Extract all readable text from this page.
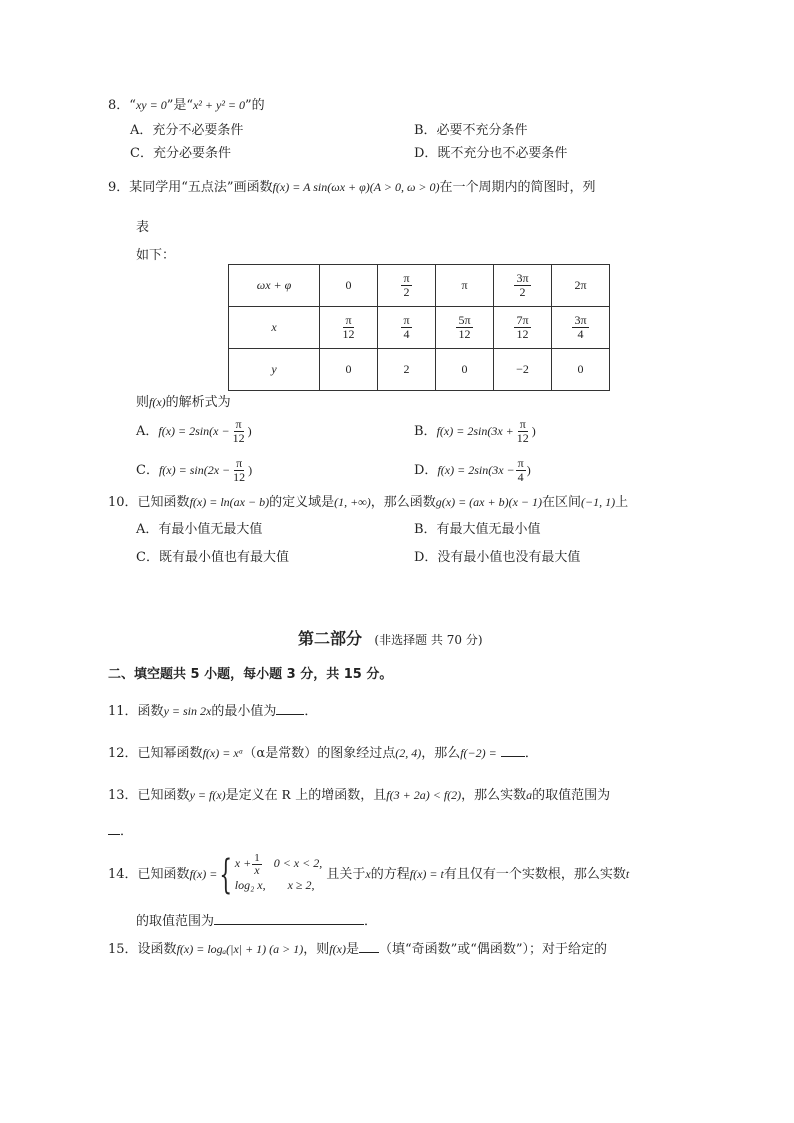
8．“xy = 0”是“x² + y² = 0”的
A．充分不必要条件	B．必要不充分条件
C．充分必要条件	D．既不充分也不必要条件
9．某同学用“五点法”画函数f(x) = A sin(ωx + φ)(A > 0, ω > 0)在一个周期内的简图时，列
表
如下：
ωx + φ	0	$\frac{\pi}{2}$	π	$\frac{3\pi}{2}$	2π
x	$\frac{\pi}{12}$	$\frac{\pi}{4}$	$\frac{5\pi}{12}$	$\frac{7\pi}{12}$	$\frac{3\pi}{4}$

y	0	2	0	−2	0
则f(x)的解析式为
A．$f(x) = 2\sin(x - \frac{\pi}{12}$ )	B．$f(x) = 2\sin(3x + \frac{\pi}{12}$ )
C．$f(x) = \sin(2x - \frac{\pi}{12}$ )	D．$f(x) = 2\sin(3x - \frac{\pi}{4}$ )
10．已知函数f(x) = ln(ax − b)的定义域是(1, +∞)，那么函数g(x) = (ax + b)(x − 1)在区间(−1, 1)上
A．有最小值无最大值	B．有最大值无最小值
C．既有最小值也有最大值	D．没有最小值也没有最大值
第二部分 (非选择题 共 70 分)
二、填空题共 5 小题，每小题 3 分，共 15 分。
11．函数y = sin 2x的最小值为 ．
12．已知幂函数f(x) = xᵅ（α是常数）的图象经过点(2, 4)，那么f(−2) = ．
13．已知函数y = f(x)是定义在 R 上的增函数，且f(3 + 2a) < f(2)，那么实数a的取值范围为
．
14．已知函数f(x) ={ $x + \frac{1}{x} 0 < x < 2$,
log₂ x, x ≥ 2,
且关于x的方程f(x) = t有且仅有一个实数根，那么实数t
的取值范围为	．
15．设函数f(x) = logₐ(|x| + 1) (a > 1)，则f(x)是 （填“奇函数”或“偶函数”）；对于给定的
